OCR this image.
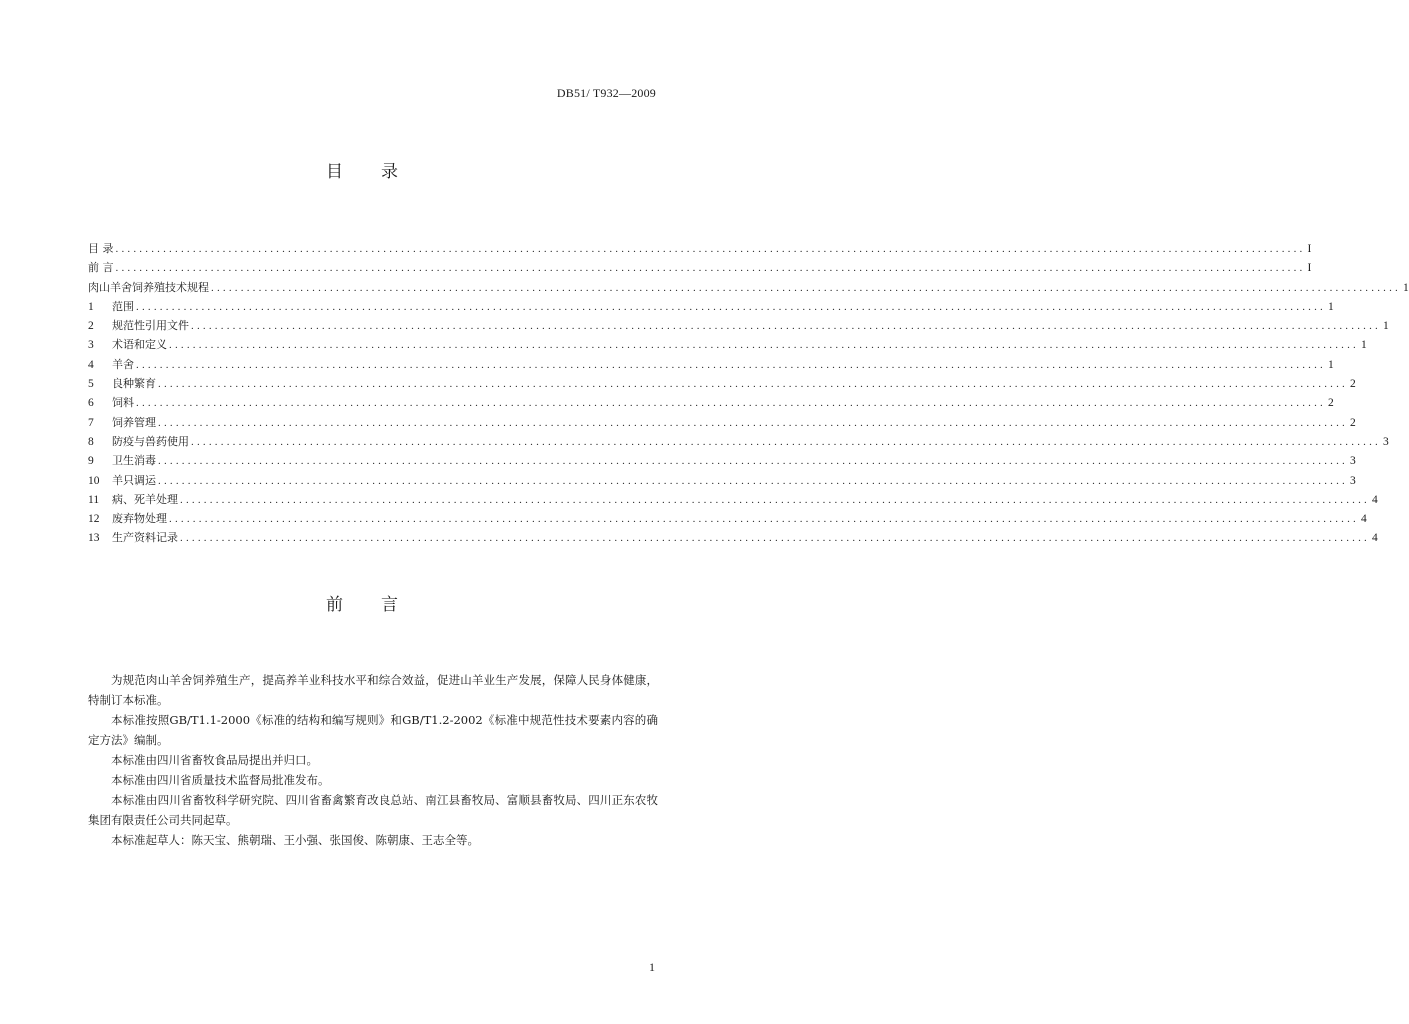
DB51/ T932—2009
目录
目 录 ........................................................................................................................................................................................................ I
前 言 ........................................................................................................................................................................................................ I
肉山羊舍饲养殖技术规程 ........................................................................................................................................................................................................ 1
1	范围 ........................................................................................................................................................................................................ 1
2	规范性引用文件 ........................................................................................................................................................................................................ 1
3	术语和定义 ........................................................................................................................................................................................................ 1
4	羊舍 ........................................................................................................................................................................................................ 1
5	良种繁育 ........................................................................................................................................................................................................ 2
6	饲料 ........................................................................................................................................................................................................ 2
7	饲养管理 ........................................................................................................................................................................................................ 2
8	防疫与兽药使用 ........................................................................................................................................................................................................ 3
9	卫生消毒 ........................................................................................................................................................................................................ 3
10	羊只调运 ........................................................................................................................................................................................................ 3
11	病、死羊处理 ........................................................................................................................................................................................................ 4
12	废弃物处理 ........................................................................................................................................................................................................ 4
13	生产资料记录 ........................................................................................................................................................................................................ 4
前言

为规范肉山羊舍饲养殖生产，提高养羊业科技水平和综合效益，促进山羊业生产发展，保障人民身体健康，特制订本标准。

本标准按照GB/T1.1-2000《标准的结构和编写规则》和GB/T1.2-2002《标准中规范性技术要素内容的确定方法》编制。

本标准由四川省畜牧食品局提出并归口。

本标准由四川省质量技术监督局批准发布。

本标准由四川省畜牧科学研究院、四川省畜禽繁育改良总站、南江县畜牧局、富顺县畜牧局、四川正东农牧集团有限责任公司共同起草。

本标准起草人：陈天宝、熊朝瑞、王小强、张国俊、陈朝康、王志全等。

1
